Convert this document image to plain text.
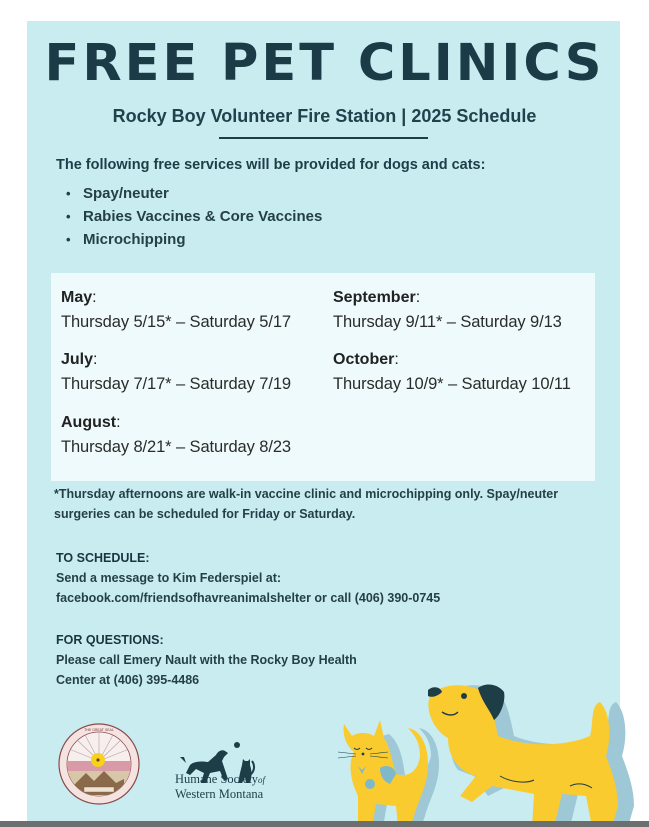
FREE PET CLINICS
Rocky Boy Volunteer Fire Station | 2025 Schedule
The following free services will be provided for dogs and cats:
• Spay/neuter
• Rabies Vaccines & Core Vaccines
• Microchipping
May:
Thursday 5/15* – Saturday 5/17
July:
Thursday 7/17* – Saturday 7/19
August:
Thursday 8/21* – Saturday 8/23
September:
Thursday 9/11* – Saturday 9/13
October:
Thursday 10/9* – Saturday 10/11
*Thursday afternoons are walk-in vaccine clinic and microchipping only. Spay/neuter surgeries can be scheduled for Friday or Saturday.
TO SCHEDULE:
Send a message to Kim Federspiel at:
facebook.com/friendsofhavreanimalshelter or call (406) 390-0745
FOR QUESTIONS:
Please call Emery Nault with the Rocky Boy Health
Center at (406) 395-4486
THE GREAT SEAL
Humane Societyof
Western Montana
